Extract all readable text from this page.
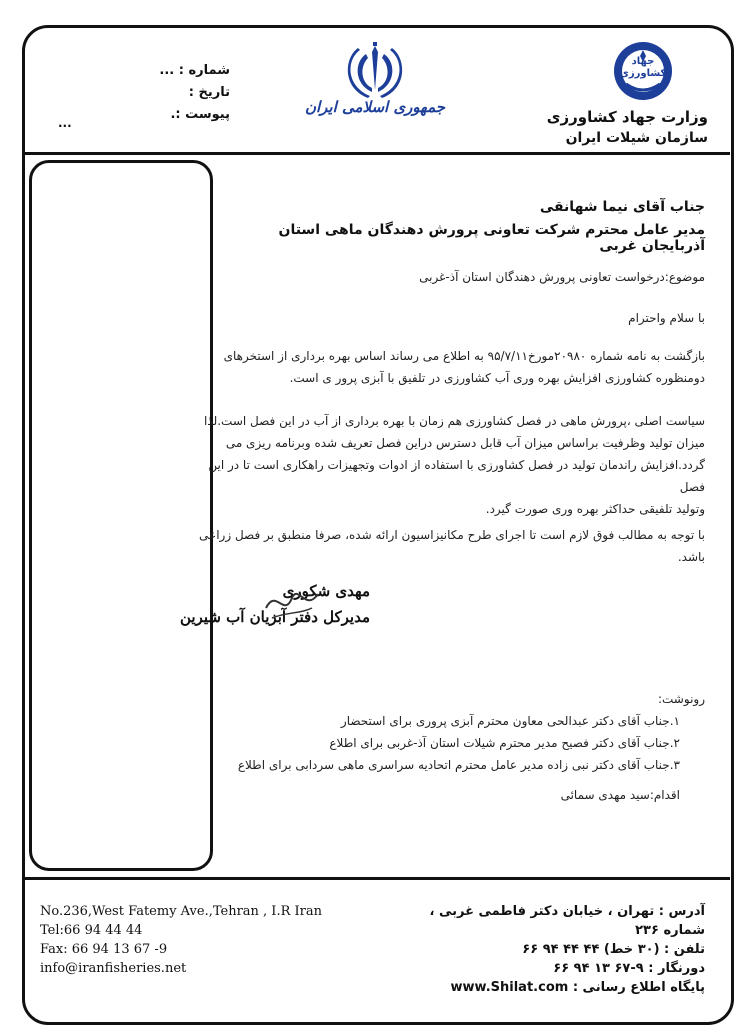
شماره : ...
تاریخ :
پیوست :.
...
جمهوری اسلامی ایران
جهاد کشاورزی
وزارت جهاد کشاورزی
سازمان شیلات ایران
جناب آقای نیما شهانقی
مدیر عامل محترم شرکت تعاونی پرورش دهندگان ماهی استان آذربایجان غربی
موضوع:درخواست تعاونی پرورش دهندگان استان آذ-غربی
با سلام واحترام
بازگشت به نامه شماره ۲۰۹۸۰مورخ۹۵/۷/۱۱ به اطلاع می رساند اساس بهره برداری از استخرهای
دومنظوره کشاورزی افزایش بهره وری آب کشاورزی در تلفیق با آبزی پرور ی است.
سیاست اصلی ،پرورش ماهی در فصل کشاورزی هم زمان با بهره برداری از آب در این فصل است.لذا
میزان تولید وظرفیت براساس میزان آب قابل دسترس دراین فصل تعریف شده وبرنامه ریزی می
گردد.افزایش راندمان تولید در فصل کشاورزی با استفاده از ادوات وتجهیزات راهکاری است تا در این فصل
وتولید تلفیقی حداکثر بهره وری صورت گیرد.
با توجه به مطالب فوق لازم است تا اجرای طرح مکانیزاسیون ارائه شده، صرفا منطبق بر فصل زراعی باشد.
مهدی شکوری
مدیرکل دفتر آبزیان آب شیرین
رونوشت:
۱.جناب آقای دکتر عبدالحی معاون محترم آبزی پروری برای استحضار
۲.جناب آقای دکتر فصیح مدیر محترم شیلات استان آذ-غربی برای اطلاع
۳.جناب آقای دکتر نبی زاده مدیر عامل محترم اتحادیه سراسری ماهی سردابی برای اطلاع
اقدام:سید مهدی سمائی
No.236,West Fatemy Ave.,Tehran , I.R Iran
Tel:66 94 44 44
Fax: 66 94 13 67 -9
info@iranfisheries.net
آدرس : تهران ، خیابان دکتر فاطمی غربی ، شماره ۲۳۶
تلفن : (۳۰ خط) ۴۴ ۴۴ ۹۴ ۶۶
دورنگار : ۹-۶۷ ۱۳ ۹۴ ۶۶
پایگاه اطلاع رسانی : www.Shilat.com
